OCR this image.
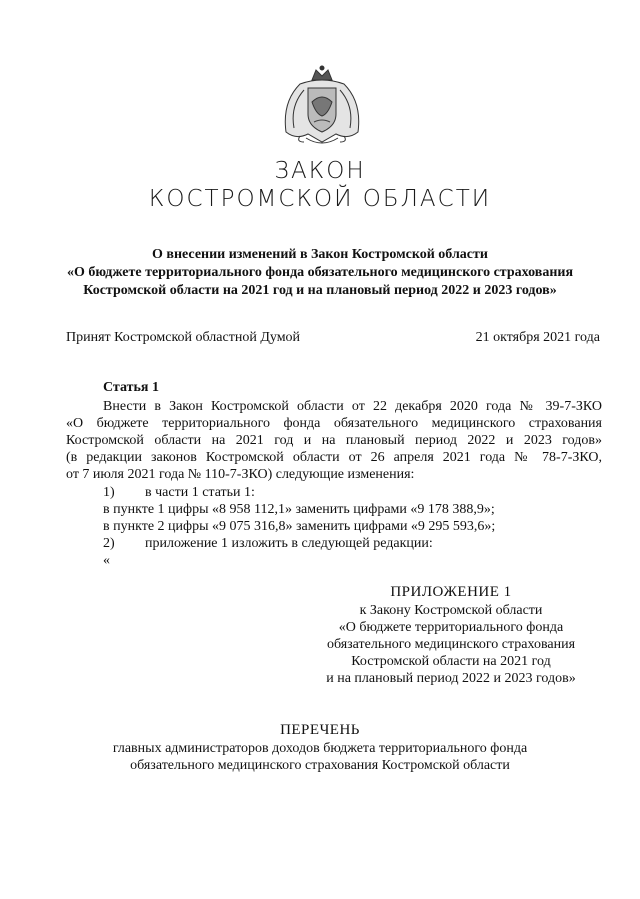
ЗАКОН
КОСТРОМСКОЙ ОБЛАСТИ
О внесении изменений в Закон Костромской области
«О бюджете территориального фонда обязательного медицинского страхования
Костромской области на 2021 год и на плановый период 2022 и 2023 годов»
Принят Костромской областной Думой	21 октября 2021 года
Статья 1
Внести в Закон Костромской области от 22 декабря 2020 года № 39-7-ЗКО
«О бюджете территориального фонда обязательного медицинского страхования
Костромской области на 2021 год и на плановый период 2022 и 2023 годов»
(в редакции законов Костромской области от 26 апреля 2021 года № 78-7-ЗКО,
от 7 июля 2021 года № 110-7-ЗКО) следующие изменения:
1) в части 1 статьи 1:
в пункте 1 цифры «8 958 112,1» заменить цифрами «9 178 388,9»;
в пункте 2 цифры «9 075 316,8» заменить цифрами «9 295 593,6»;
2) приложение 1 изложить в следующей редакции:
«
ПРИЛОЖЕНИЕ 1
к Закону Костромской области
«О бюджете территориального фонда
обязательного медицинского страхования
Костромской области на 2021 год
и на плановый период 2022 и 2023 годов»
ПЕРЕЧЕНЬ
главных администраторов доходов бюджета территориального фонда
обязательного медицинского страхования Костромской области
